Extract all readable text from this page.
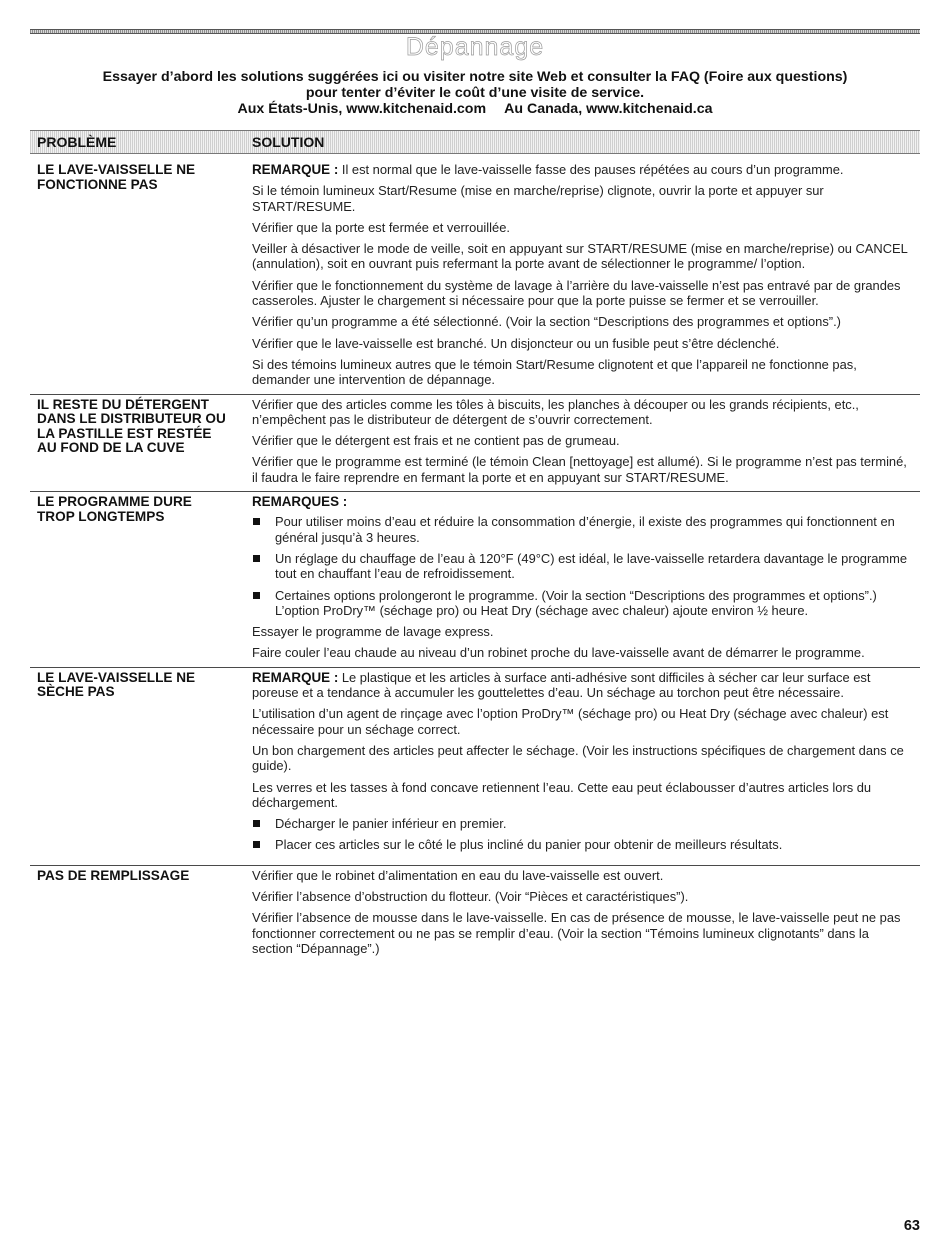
Dépannage
Essayer d’abord les solutions suggérées ici ou visiter notre site Web et consulter la FAQ (Foire aux questions)
pour tenter d’éviter le coût d’une visite de service.
Aux États-Unis, www.kitchenaid.com Au Canada, www.kitchenaid.ca
PROBLÈME	SOLUTION
LE LAVE-VAISSELLE NE
FONCTIONNE PAS
REMARQUE : Il est normal que le lave-vaisselle fasse des pauses répétées au cours d’un programme.
Si le témoin lumineux Start/Resume (mise en marche/reprise) clignote, ouvrir la porte et appuyer sur START/RESUME.
Vérifier que la porte est fermée et verrouillée.
Veiller à désactiver le mode de veille, soit en appuyant sur START/RESUME (mise en marche/reprise) ou CANCEL (annulation), soit en ouvrant puis refermant la porte avant de sélectionner le programme/ l’option.
Vérifier que le fonctionnement du système de lavage à l’arrière du lave-vaisselle n’est pas entravé par de grandes casseroles. Ajuster le chargement si nécessaire pour que la porte puisse se fermer et se verrouiller.
Vérifier qu’un programme a été sélectionné. (Voir la section “Descriptions des programmes et options”.)
Vérifier que le lave-vaisselle est branché. Un disjoncteur ou un fusible peut s’être déclenché.
Si des témoins lumineux autres que le témoin Start/Resume clignotent et que l’appareil ne fonctionne pas, demander une intervention de dépannage.
IL RESTE DU DÉTERGENT
DANS LE DISTRIBUTEUR OU
LA PASTILLE EST RESTÉE
AU FOND DE LA CUVE
Vérifier que des articles comme les tôles à biscuits, les planches à découper ou les grands récipients, etc., n’empêchent pas le distributeur de détergent de s’ouvrir correctement.
Vérifier que le détergent est frais et ne contient pas de grumeau.
Vérifier que le programme est terminé (le témoin Clean [nettoyage] est allumé). Si le programme n’est pas terminé, il faudra le faire reprendre en fermant la porte et en appuyant sur START/RESUME.
LE PROGRAMME DURE
TROP LONGTEMPS
REMARQUES :
Pour utiliser moins d’eau et réduire la consommation d’énergie, il existe des programmes qui fonctionnent en général jusqu’à 3 heures.
Un réglage du chauffage de l’eau à 120°F (49°C) est idéal, le lave-vaisselle retardera davantage le programme tout en chauffant l’eau de refroidissement.
Certaines options prolongeront le programme. (Voir la section “Descriptions des programmes et options”.) L’option ProDry™ (séchage pro) ou Heat Dry (séchage avec chaleur) ajoute environ ½ heure.
Essayer le programme de lavage express.
Faire couler l’eau chaude au niveau d’un robinet proche du lave-vaisselle avant de démarrer le programme.
LE LAVE-VAISSELLE NE
SÈCHE PAS
REMARQUE : Le plastique et les articles à surface anti-adhésive sont difficiles à sécher car leur surface est poreuse et a tendance à accumuler les gouttelettes d’eau. Un séchage au torchon peut être nécessaire.
L’utilisation d’un agent de rinçage avec l’option ProDry™ (séchage pro) ou Heat Dry (séchage avec chaleur) est nécessaire pour un séchage correct.
Un bon chargement des articles peut affecter le séchage. (Voir les instructions spécifiques de chargement dans ce guide).
Les verres et les tasses à fond concave retiennent l’eau. Cette eau peut éclabousser d’autres articles lors du déchargement.
Décharger le panier inférieur en premier.
Placer ces articles sur le côté le plus incliné du panier pour obtenir de meilleurs résultats.
PAS DE REMPLISSAGE	Vérifier que le robinet d’alimentation en eau du lave-vaisselle est ouvert.
Vérifier l’absence d’obstruction du flotteur. (Voir “Pièces et caractéristiques”).
Vérifier l’absence de mousse dans le lave-vaisselle. En cas de présence de mousse, le lave-vaisselle peut ne pas fonctionner correctement ou ne pas se remplir d’eau. (Voir la section “Témoins lumineux clignotants” dans la section “Dépannage”.)
63
